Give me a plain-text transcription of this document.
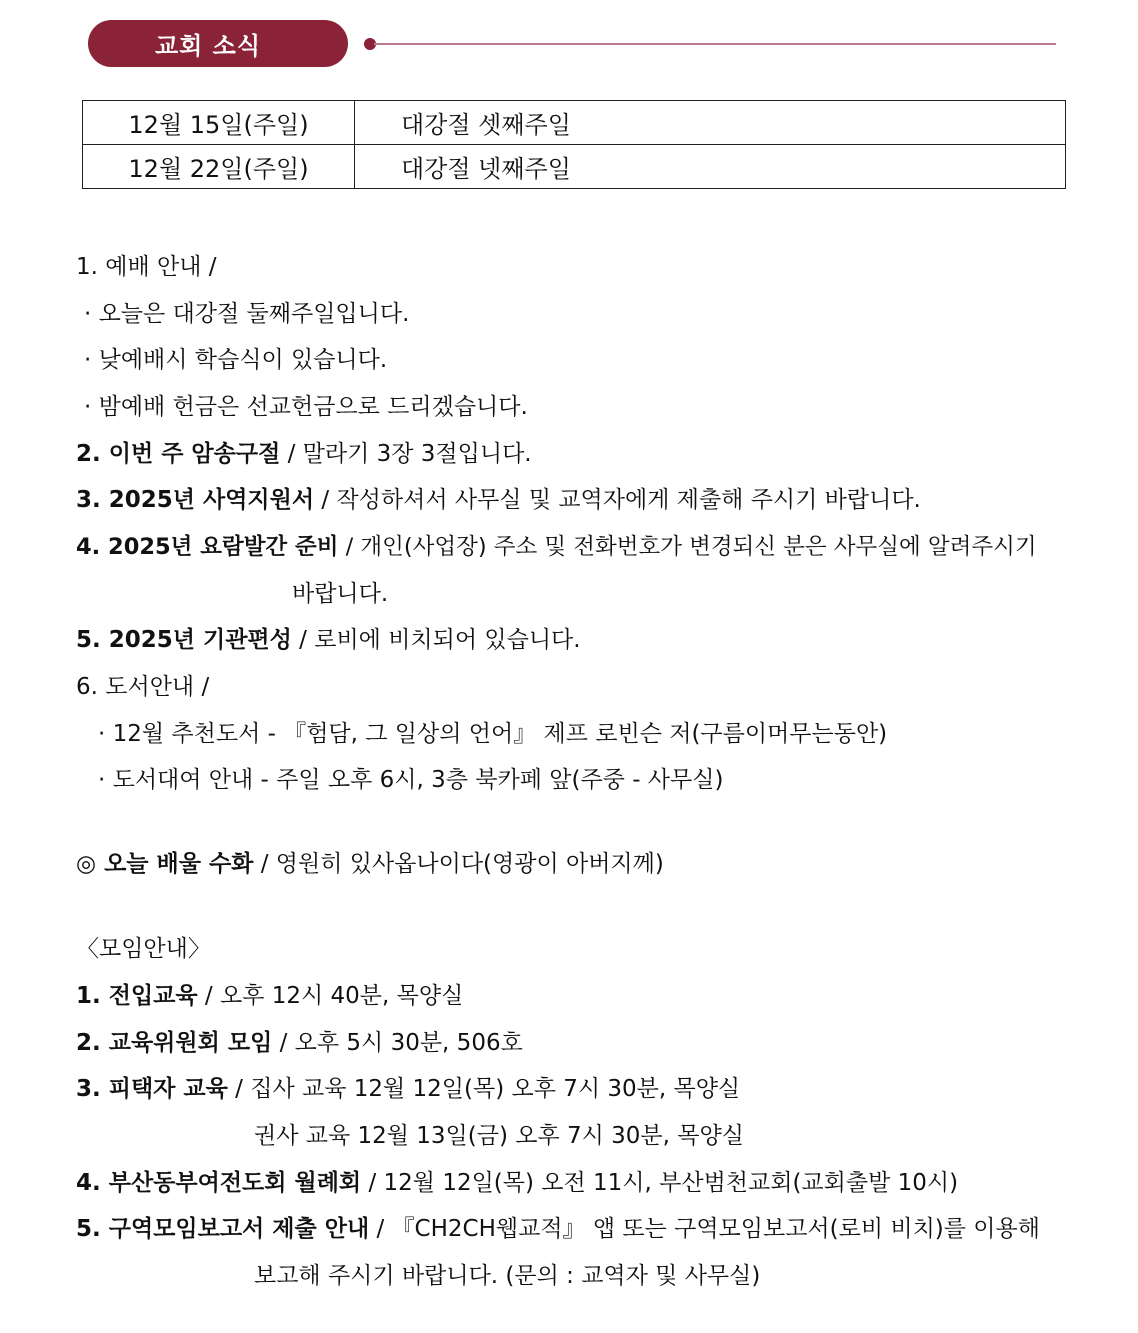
교회 소식
12월 15일(주일)	대강절 셋째주일
12월 22일(주일)	대강절 넷째주일
1. 예배 안내 /
· 오늘은 대강절 둘째주일입니다.
· 낮예배시 학습식이 있습니다.
· 밤예배 헌금은 선교헌금으로 드리겠습니다.
2. 이번 주 암송구절 / 말라기 3장 3절입니다.
3. 2025년 사역지원서 / 작성하셔서 사무실 및 교역자에게 제출해 주시기 바랍니다.
4. 2025년 요람발간 준비 / 개인(사업장) 주소 및 전화번호가 변경되신 분은 사무실에 알려주시기
바랍니다.
5. 2025년 기관편성 / 로비에 비치되어 있습니다.
6. 도서안내 /
· 12월 추천도서 - 『험담, 그 일상의 언어』 제프 로빈슨 저(구름이머무는동안)
· 도서대여 안내 - 주일 오후 6시, 3층 북카페 앞(주중 - 사무실)
◎ 오늘 배울 수화 / 영원히 있사옵나이다(영광이 아버지께)
〈모임안내〉
1. 전입교육 / 오후 12시 40분, 목양실
2. 교육위원회 모임 / 오후 5시 30분, 506호
3. 피택자 교육 / 집사 교육 12월 12일(목) 오후 7시 30분, 목양실
권사 교육 12월 13일(금) 오후 7시 30분, 목양실
4. 부산동부여전도회 월례회 / 12월 12일(목) 오전 11시, 부산범천교회(교회출발 10시)
5. 구역모임보고서 제출 안내 / 『CH2CH웹교적』 앱 또는 구역모임보고서(로비 비치)를 이용해
보고해 주시기 바랍니다. (문의 : 교역자 및 사무실)
